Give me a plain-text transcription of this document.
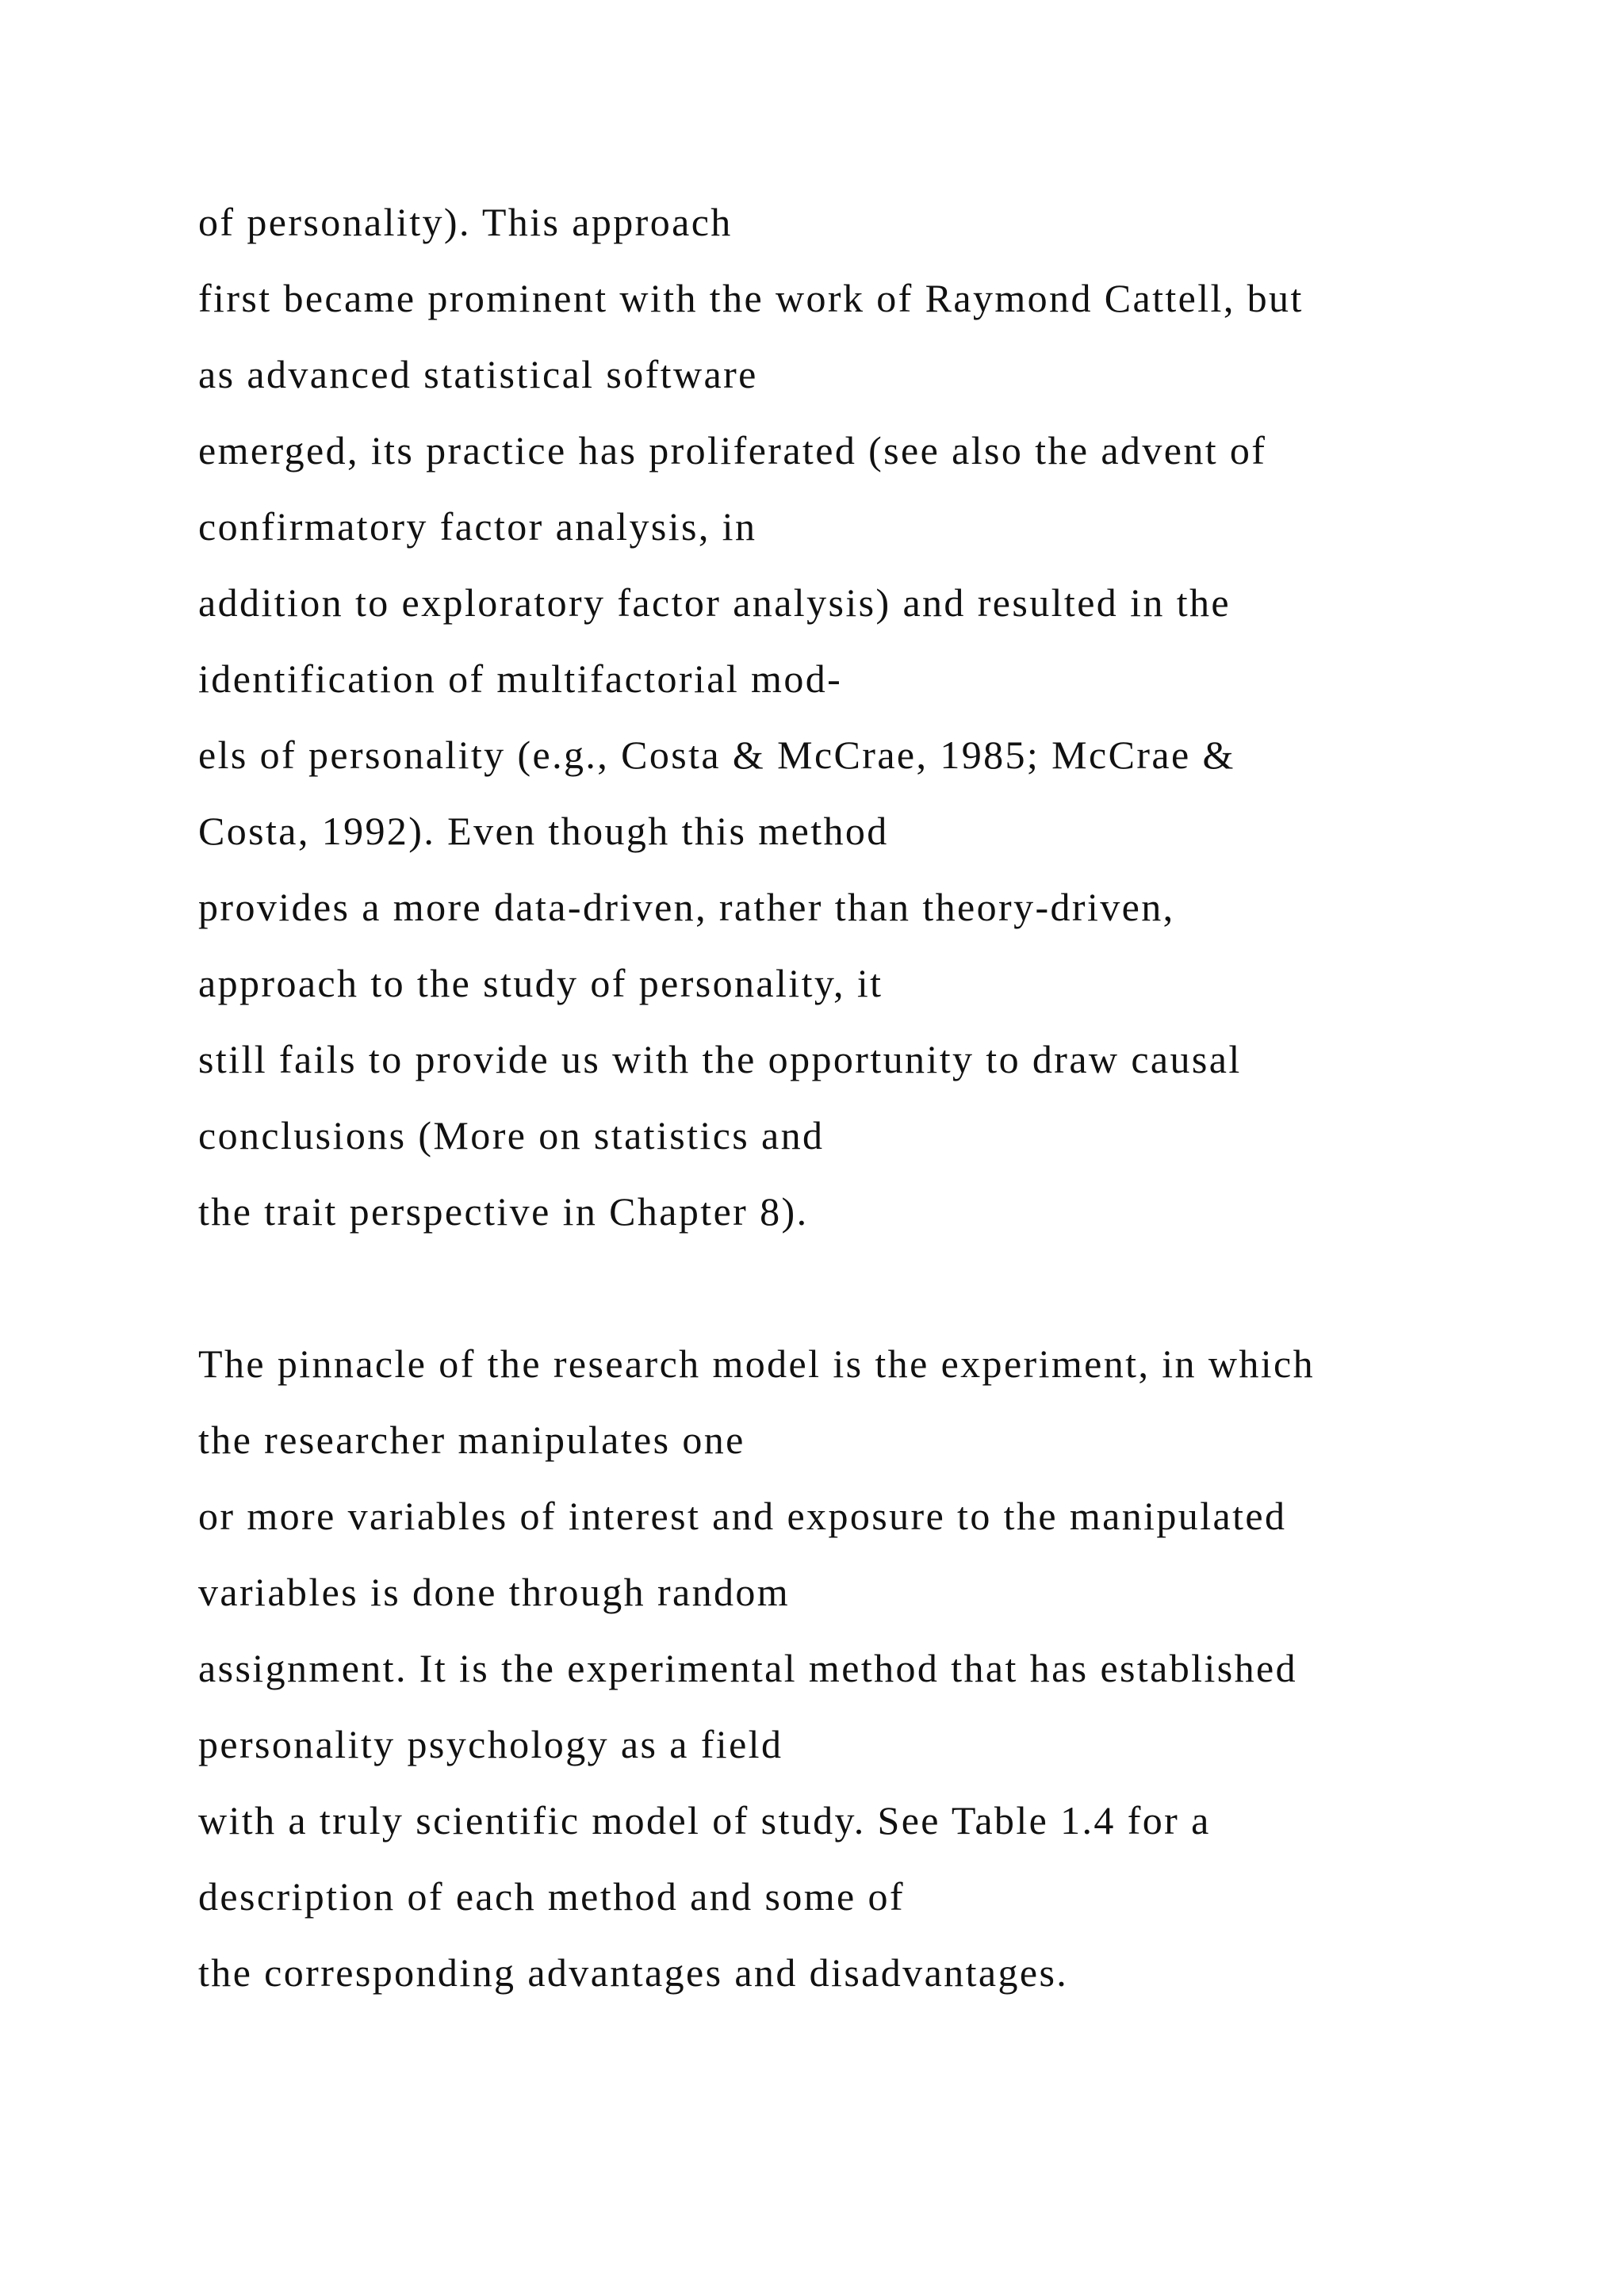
of personality). This approach
first became prominent with the work of Raymond Cattell, but
as advanced statistical software
emerged, its practice has proliferated (see also the advent of
confirmatory factor analysis, in
addition to exploratory factor analysis) and resulted in the
identification of multifactorial mod-
els of personality (e.g., Costa & McCrae, 1985; McCrae &
Costa, 1992). Even though this method
provides a more data-driven, rather than theory-driven,
approach to the study of personality, it
still fails to provide us with the opportunity to draw causal
conclusions (More on statistics and
the trait perspective in Chapter 8).
The pinnacle of the research model is the experiment, in which
the researcher manipulates one
or more variables of interest and exposure to the manipulated
variables is done through random
assignment. It is the experimental method that has established
personality psychology as a field
with a truly scientific model of study. See Table 1.4 for a
description of each method and some of
the corresponding advantages and disadvantages.
